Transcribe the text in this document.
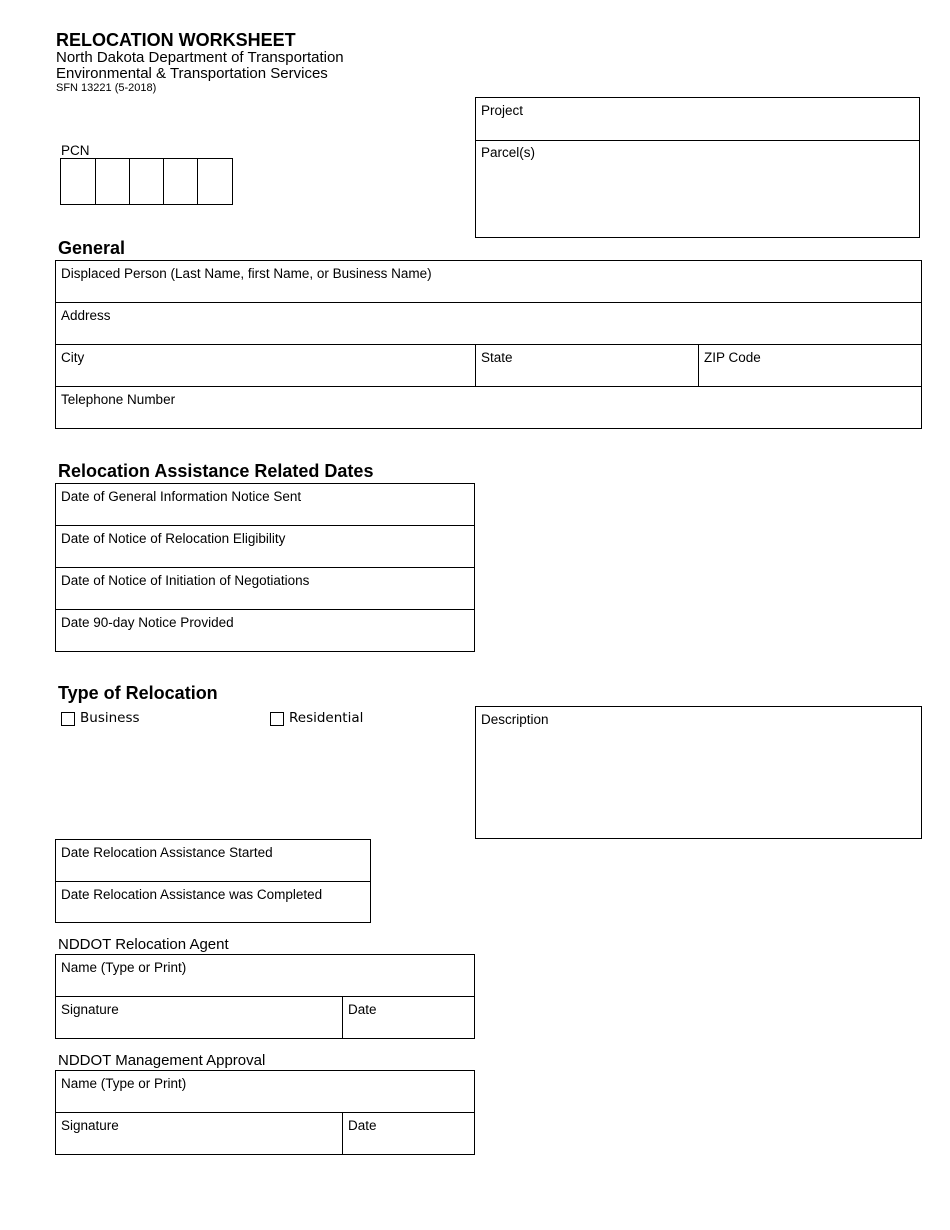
RELOCATION WORKSHEET
North Dakota Department of Transportation
Environmental & Transportation Services
SFN 13221 (5-2018)
PCN
Project
Parcel(s)
General
Displaced Person (Last Name, first Name, or Business Name)
Address
City	State	ZIP Code
Telephone Number
Relocation Assistance Related Dates
Date of General Information Notice Sent
Date of Notice of Relocation Eligibility
Date of Notice of Initiation of Negotiations
Date 90-day Notice Provided
Type of Relocation
Business	Residential	Description
Date Relocation Assistance Started
Date Relocation Assistance was Completed
NDDOT Relocation Agent
Name (Type or Print)
Signature	Date
NDDOT Management Approval
Name (Type or Print)
Signature	Date
